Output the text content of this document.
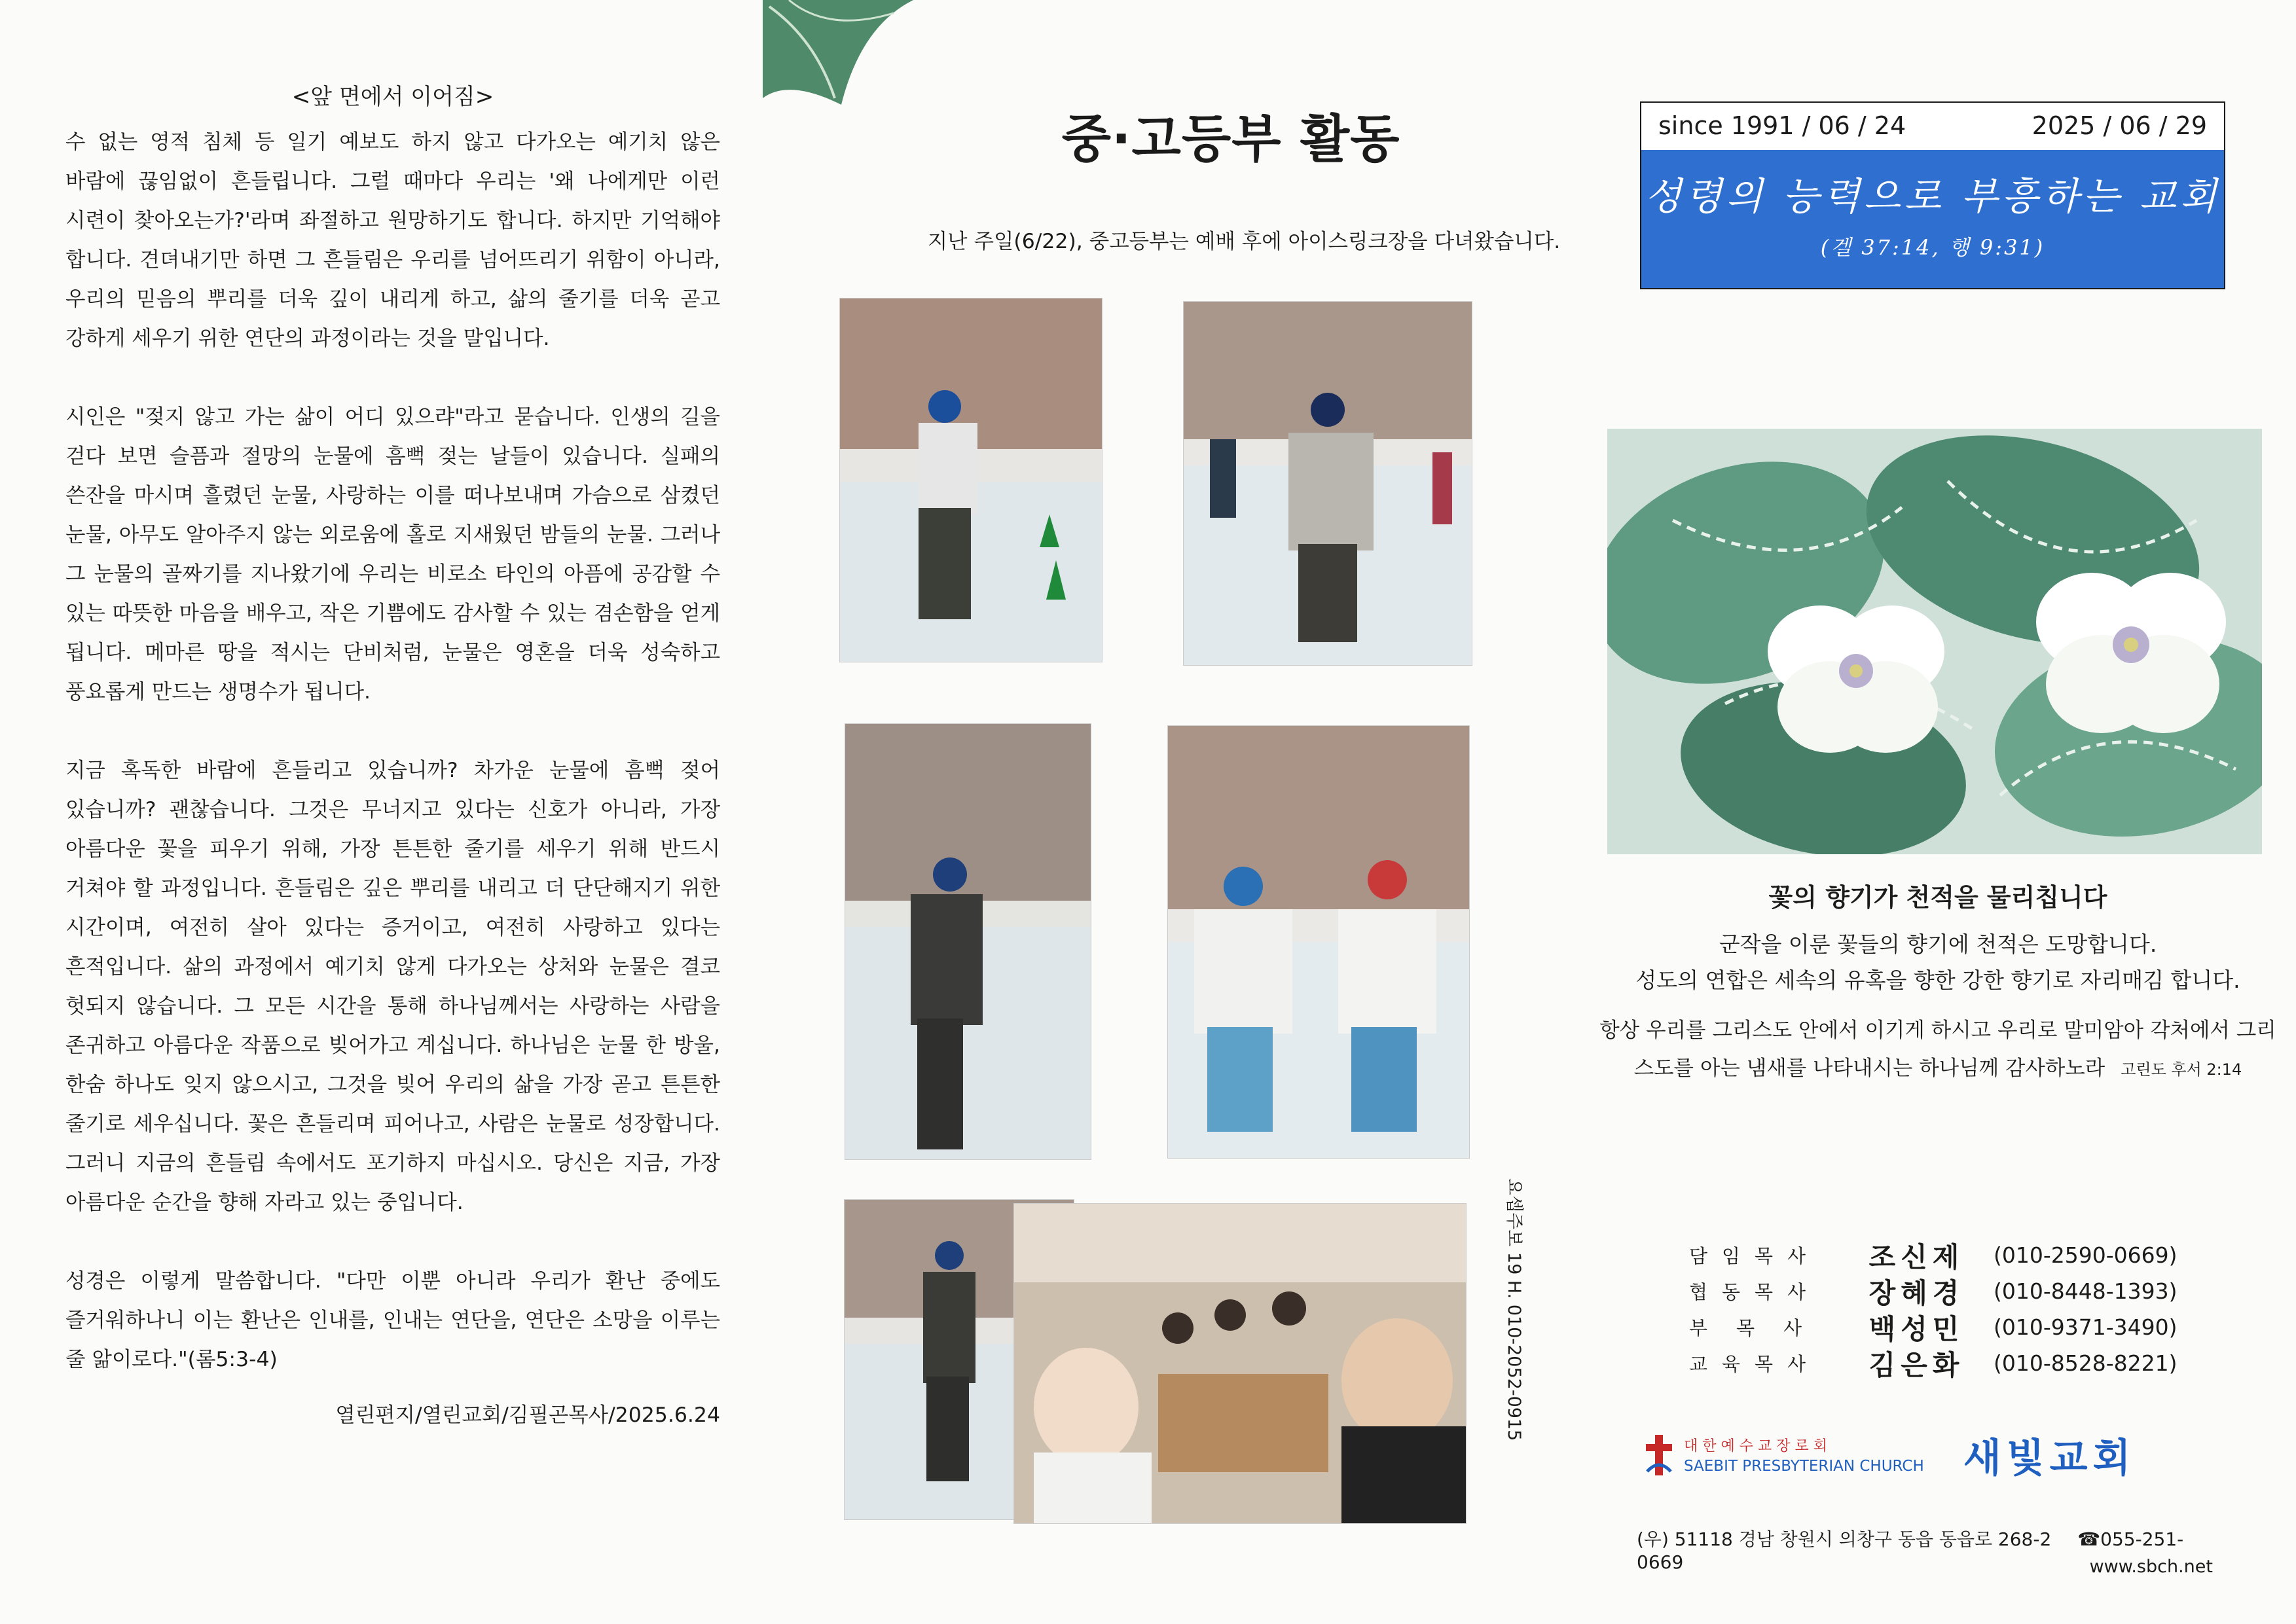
<앞 면에서 이어짐>

수 없는 영적 침체 등 일기 예보도 하지 않고 다가오는 예기치 않은 바람에 끊임없이 흔들립니다. 그럴 때마다 우리는 '왜 나에게만 이런 시련이 찾아오는가?'라며 좌절하고 원망하기도 합니다. 하지만 기억해야 합니다. 견뎌내기만 하면 그 흔들림은 우리를 넘어뜨리기 위함이 아니라, 우리의 믿음의 뿌리를 더욱 깊이 내리게 하고, 삶의 줄기를 더욱 곧고 강하게 세우기 위한 연단의 과정이라는 것을 말입니다.

시인은 "젖지 않고 가는 삶이 어디 있으랴"라고 묻습니다. 인생의 길을 걷다 보면 슬픔과 절망의 눈물에 흠뻑 젖는 날들이 있습니다. 실패의 쓴잔을 마시며 흘렸던 눈물, 사랑하는 이를 떠나보내며 가슴으로 삼켰던 눈물, 아무도 알아주지 않는 외로움에 홀로 지새웠던 밤들의 눈물. 그러나 그 눈물의 골짜기를 지나왔기에 우리는 비로소 타인의 아픔에 공감할 수 있는 따뜻한 마음을 배우고, 작은 기쁨에도 감사할 수 있는 겸손함을 얻게 됩니다. 메마른 땅을 적시는 단비처럼, 눈물은 영혼을 더욱 성숙하고 풍요롭게 만드는 생명수가 됩니다.

지금 혹독한 바람에 흔들리고 있습니까? 차가운 눈물에 흠뻑 젖어 있습니까? 괜찮습니다. 그것은 무너지고 있다는 신호가 아니라, 가장 아름다운 꽃을 피우기 위해, 가장 튼튼한 줄기를 세우기 위해 반드시 거쳐야 할 과정입니다. 흔들림은 깊은 뿌리를 내리고 더 단단해지기 위한 시간이며, 여전히 살아 있다는 증거이고, 여전히 사랑하고 있다는 흔적입니다. 삶의 과정에서 예기치 않게 다가오는 상처와 눈물은 결코 헛되지 않습니다. 그 모든 시간을 통해 하나님께서는 사랑하는 사람을 존귀하고 아름다운 작품으로 빚어가고 계십니다. 하나님은 눈물 한 방울, 한숨 하나도 잊지 않으시고, 그것을 빚어 우리의 삶을 가장 곧고 튼튼한 줄기로 세우십니다. 꽃은 흔들리며 피어나고, 사람은 눈물로 성장합니다. 그러니 지금의 흔들림 속에서도 포기하지 마십시오. 당신은 지금, 가장 아름다운 순간을 향해 자라고 있는 중입니다.

성경은 이렇게 말씀합니다. "다만 이뿐 아니라 우리가 환난 중에도 즐거워하나니 이는 환난은 인내를, 인내는 연단을, 연단은 소망을 이루는 줄 앎이로다."(롬5:3-4)

열린편지/열린교회/김필곤목사/2025.6.24
중·고등부 활동

지난 주일(6/22), 중고등부는 예배 후에 아이스링크장을 다녀왔습니다.

요셉주보 19 H. 010-2052-0915
since 1991 / 06 / 24	2025 / 06 / 29
성령의 능력으로 부흥하는 교회
(겔 37:14, 행 9:31)

꽃의 향기가 천적을 물리칩니다

군작을 이룬 꽃들의 향기에 천적은 도망합니다.

성도의 연합은 세속의 유혹을 향한 강한 향기로 자리매김 합니다.

항상 우리를 그리스도 안에서 이기게 하시고 우리로 말미암아 각처에서 그리스도를 아는 냄새를 나타내시는 하나님께 감사하노라 고린도 후서 2:14
담임목사	조신제	(010-2590-0669)
협동목사	장혜경	(010-8448-1393)
부목사	백성민	(010-9371-3490)
교육목사	김은화	(010-8528-8221)
대한예수교장로회
SAEBIT PRESBYTERIAN CHURCH 새빛교회
(우) 51118 경남 창원시 의창구 동읍 동읍로 268-2 ☎055-251-0669	www.sbch.net
